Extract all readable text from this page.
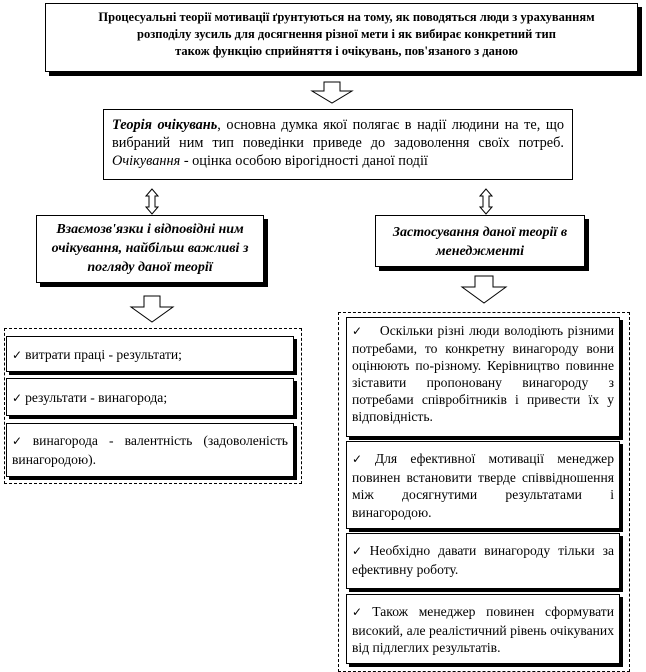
Процесуальні теорії мотивації ґрунтуються на тому, як поводяться люди з урахуванням
розподілу зусиль для досягнення різної мети і як вибирає конкретний тип
також функцію сприйняття і очікувань, пов'язаного з даною
Теорія очікувань, основна думка якої полягає в надії людини на те, що вибраний ним тип поведінки приведе до задоволення своїх потреб. Очікування - оцінка особою вірогідності даної події
Взаємозв'язки і відповідні ним очікування, найбільш важливі з погляду даної теорії
Застосування даної теорії в менеджменті
✓ витрати праці - результати;
✓ результати - винагорода;
✓ винагорода - валентність (задоволеність винагородою).
✓ Оскільки різні люди володіють різними потребами, то конкретну винагороду вони оцінюють по-різному. Керівництво повинне зіставити пропоновану винагороду з потребами співробітників і привести їх у відповідність.
✓ Для ефективної мотивації менеджер повинен встановити тверде співвідношення між досягнутими результатами і винагородою.
✓ Необхідно давати винагороду тільки за ефективну роботу.
✓ Також менеджер повинен сформувати високий, але реалістичний рівень очікуваних від підлеглих результатів.
